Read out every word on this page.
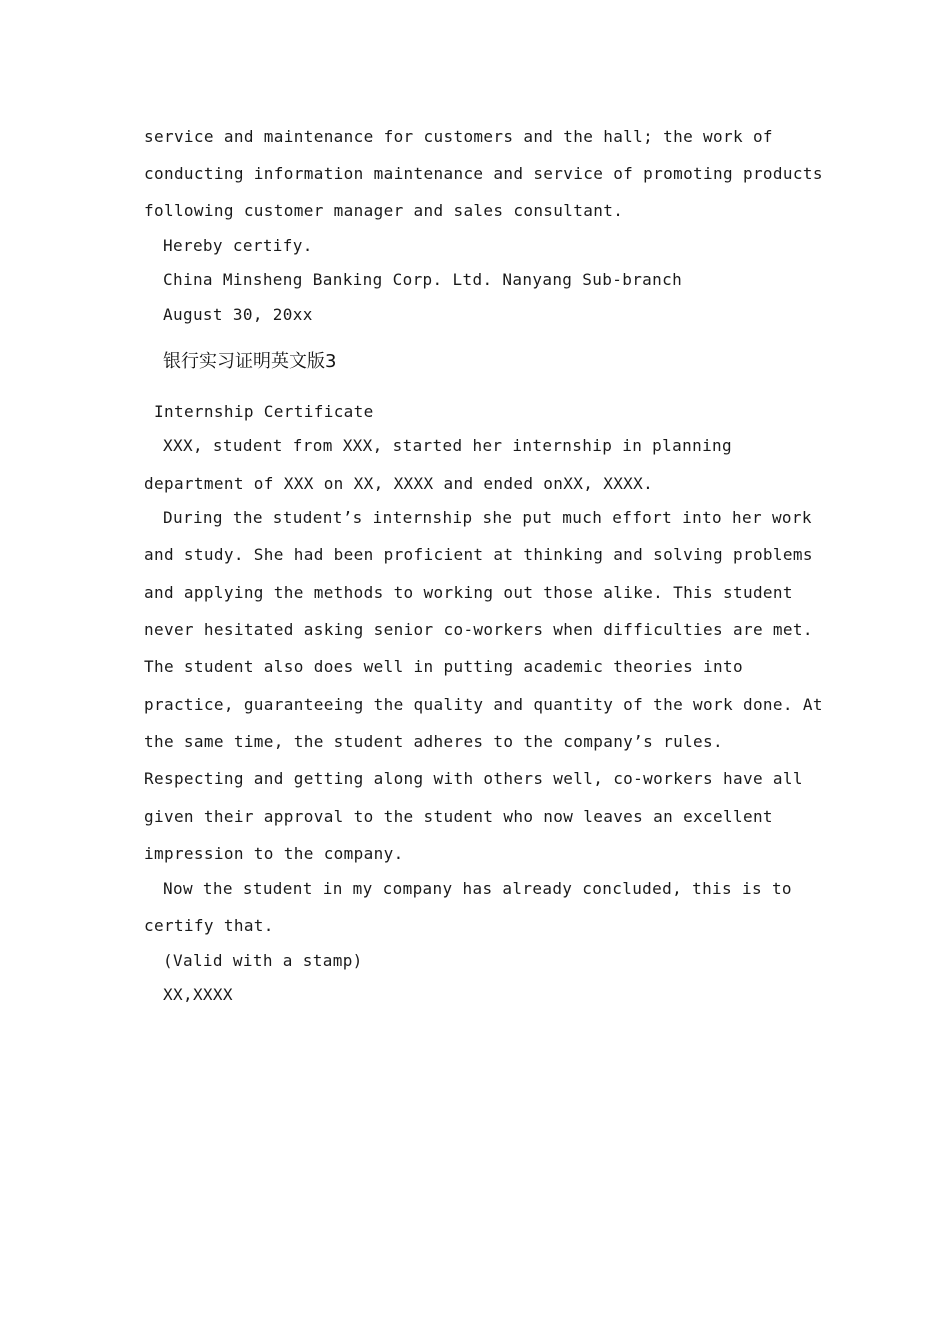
service and maintenance for customers and the hall; the work of
conducting information maintenance and service of promoting products
following customer manager and sales consultant.
Hereby certify.
China Minsheng Banking Corp. Ltd. Nanyang Sub-branch
August 30, 20xx
银行实习证明英文版3
Internship Certificate
XXX, student from XXX, started her internship in planning
department of XXX on XX, XXXX and ended onXX, XXXX.
During the student’s internship she put much effort into her work
and study. She had been proficient at thinking and solving problems
and applying the methods to working out those alike. This student
never hesitated asking senior co-workers when difficulties are met.
The student also does well in putting academic theories into
practice, guaranteeing the quality and quantity of the work done. At
the same time, the student adheres to the company’s rules.
Respecting and getting along with others well, co-workers have all
given their approval to the student who now leaves an excellent
impression to the company.
Now the student in my company has already concluded, this is to
certify that.
(Valid with a stamp)
XX,XXXX
